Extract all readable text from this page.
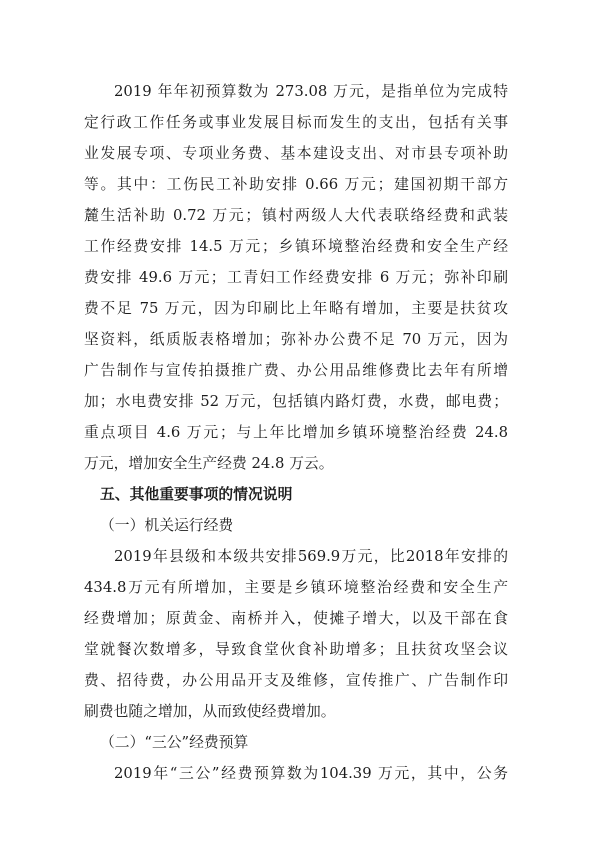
2019 年年初预算数为 273.08 万元，是指单位为完成特
定行政工作任务或事业发展目标而发生的支出，包括有关事
业发展专项、专项业务费、基本建设支出、对市县专项补助
等。其中：工伤民工补助安排 0.66 万元；建国初期干部方
麓生活补助 0.72 万元；镇村两级人大代表联络经费和武装
工作经费安排 14.5 万元；乡镇环境整治经费和安全生产经
费安排 49.6 万元；工青妇工作经费安排 6 万元；弥补印刷
费不足 75 万元，因为印刷比上年略有增加，主要是扶贫攻
坚资料，纸质版表格增加；弥补办公费不足 70 万元，因为
广告制作与宣传拍摄推广费、办公用品维修费比去年有所增
加；水电费安排 52 万元，包括镇内路灯费，水费，邮电费；
重点项目 4.6 万元；与上年比增加乡镇环境整治经费 24.8
万元，增加安全生产经费 24.8 万云。
五、其他重要事项的情况说明
（一）机关运行经费
2019年县级和本级共安排569.9万元，比2018年安排的
434.8万元有所增加，主要是乡镇环境整治经费和安全生产
经费增加；原黄金、南桥并入，使摊子增大，以及干部在食
堂就餐次数增多，导致食堂伙食补助增多；且扶贫攻坚会议
费、招待费，办公用品开支及维修，宣传推广、广告制作印
刷费也随之增加，从而致使经费增加。
（二）“三公”经费预算
2019年“三公”经费预算数为104.39 万元，其中，公务
